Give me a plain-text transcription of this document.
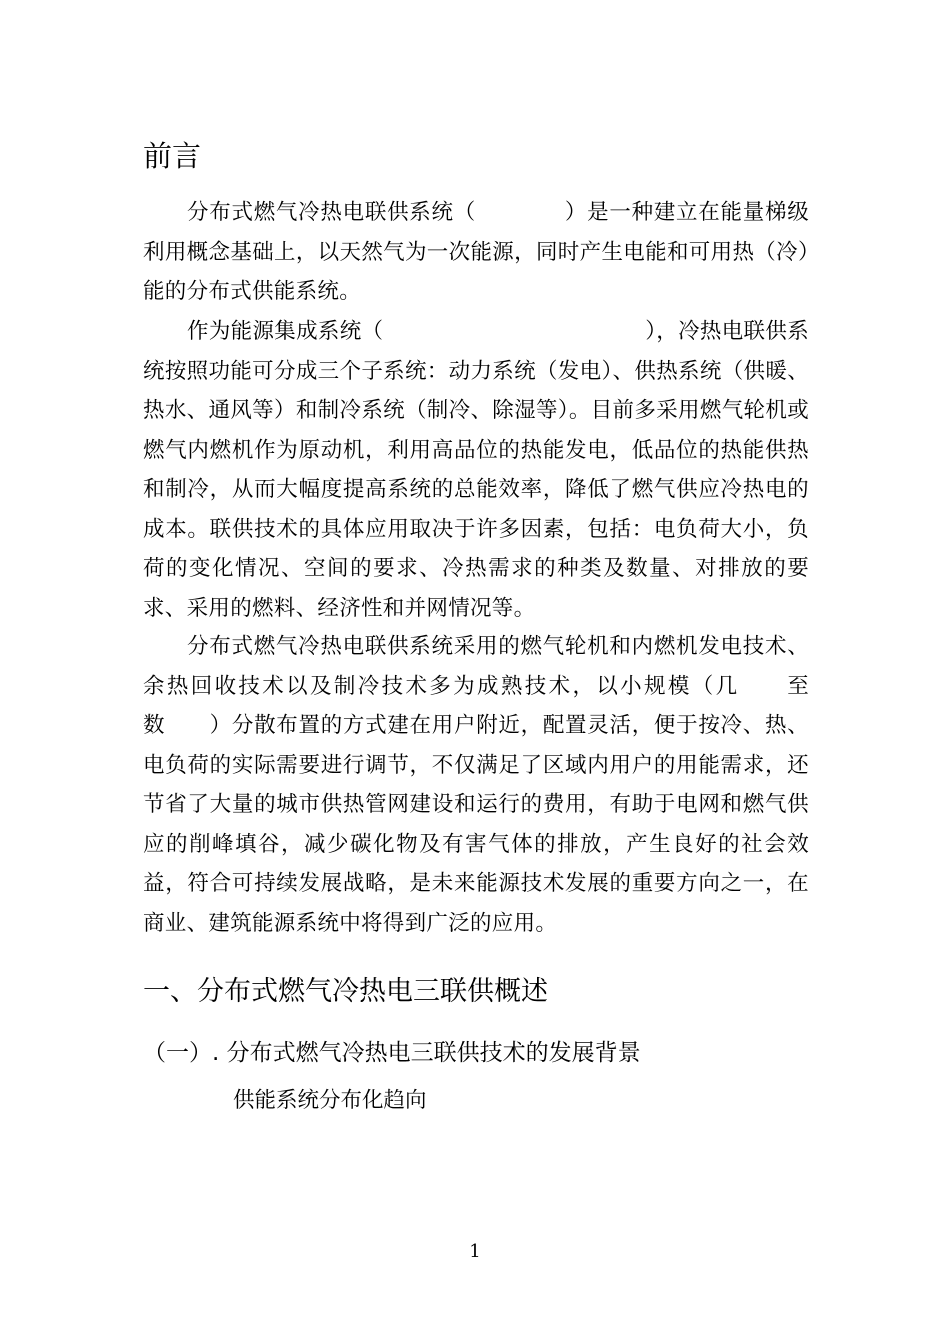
前言

分布式燃气冷热电联供系统（　　　　）是一种建立在能量梯级利用概念基础上，以天然气为一次能源，同时产生电能和可用热（冷）能的分布式供能系统。

作为能源集成系统（　　　　　　　　　　　　），冷热电联供系统按照功能可分成三个子系统：动力系统（发电）、供热系统（供暖、热水、通风等）和制冷系统（制冷、除湿等）。目前多采用燃气轮机或燃气内燃机作为原动机，利用高品位的热能发电，低品位的热能供热和制冷，从而大幅度提高系统的总能效率，降低了燃气供应冷热电的成本。联供技术的具体应用取决于许多因素，包括：电负荷大小，负荷的变化情况、空间的要求、冷热需求的种类及数量、对排放的要求、采用的燃料、经济性和并网情况等。

分布式燃气冷热电联供系统采用的燃气轮机和内燃机发电技术、余热回收技术以及制冷技术多为成熟技术，以小规模（几　　至数　　）分散布置的方式建在用户附近，配置灵活，便于按冷、热、电负荷的实际需要进行调节，不仅满足了区域内用户的用能需求，还节省了大量的城市供热管网建设和运行的费用，有助于电网和燃气供应的削峰填谷，减少碳化物及有害气体的排放，产生良好的社会效益，符合可持续发展战略，是未来能源技术发展的重要方向之一，在商业、建筑能源系统中将得到广泛的应用。

一、分布式燃气冷热电三联供概述
（一）. 分布式燃气冷热电三联供技术的发展背景

供能系统分布化趋向

1
